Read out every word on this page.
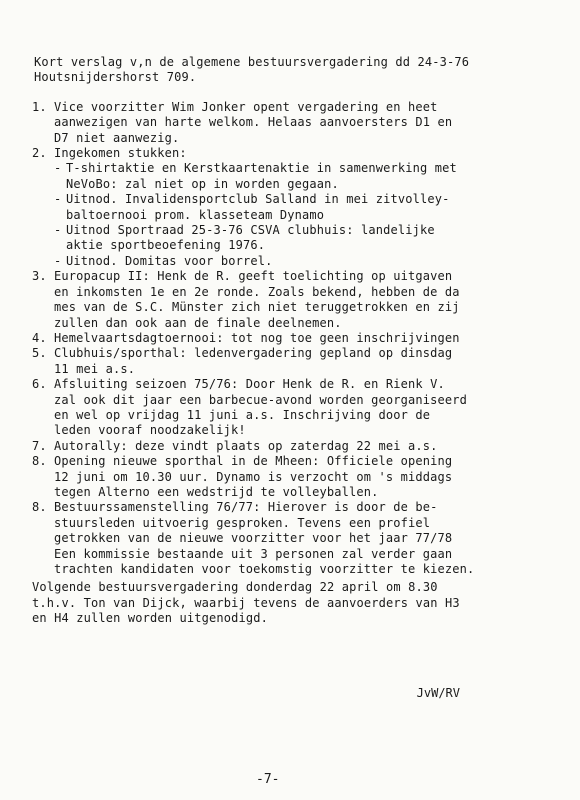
Kort verslag v,n de algemene bestuursvergadering dd 24-3-76
Houtsnijdershorst 709.
1. Vice voorzitter Wim Jonker opent vergadering en heet
aanwezigen van harte welkom. Helaas aanvoersters D1 en
D7 niet aanwezig.
2. Ingekomen stukken:
- T-shirtaktie en Kerstkaartenaktie in samenwerking met
NeVoBo: zal niet op in worden gegaan.
- Uitnod. Invalidensportclub Salland in mei zitvolley-
baltoernooi prom. klasseteam Dynamo
- Uitnod Sportraad 25-3-76 CSVA clubhuis: landelijke
aktie sportbeoefening 1976.
- Uitnod. Domitas voor borrel.
3. Europacup II: Henk de R. geeft toelichting op uitgaven
en inkomsten 1e en 2e ronde. Zoals bekend, hebben de da
mes van de S.C. Münster zich niet teruggetrokken en zij
zullen dan ook aan de finale deelnemen.
4. Hemelvaartsdagtoernooi: tot nog toe geen inschrijvingen
5. Clubhuis/sporthal: ledenvergadering gepland op dinsdag
11 mei a.s.
6. Afsluiting seizoen 75/76: Door Henk de R. en Rienk V.
zal ook dit jaar een barbecue-avond worden georganiseerd
en wel op vrijdag 11 juni a.s. Inschrijving door de
leden vooraf noodzakelijk!
7. Autorally: deze vindt plaats op zaterdag 22 mei a.s.
8. Opening nieuwe sporthal in de Mheen: Officiele opening
12 juni om 10.30 uur. Dynamo is verzocht om 's middags
tegen Alterno een wedstrijd te volleyballen.
8. Bestuurssamenstelling 76/77: Hierover is door de be-
stuursleden uitvoerig gesproken. Tevens een profiel
getrokken van de nieuwe voorzitter voor het jaar 77/78
Een kommissie bestaande uit 3 personen zal verder gaan
trachten kandidaten voor toekomstig voorzitter te kiezen.
Volgende bestuursvergadering donderdag 22 april om 8.30
t.h.v. Ton van Dijck, waarbij tevens de aanvoerders van H3
en H4 zullen worden uitgenodigd.
JvW/RV
-7-
